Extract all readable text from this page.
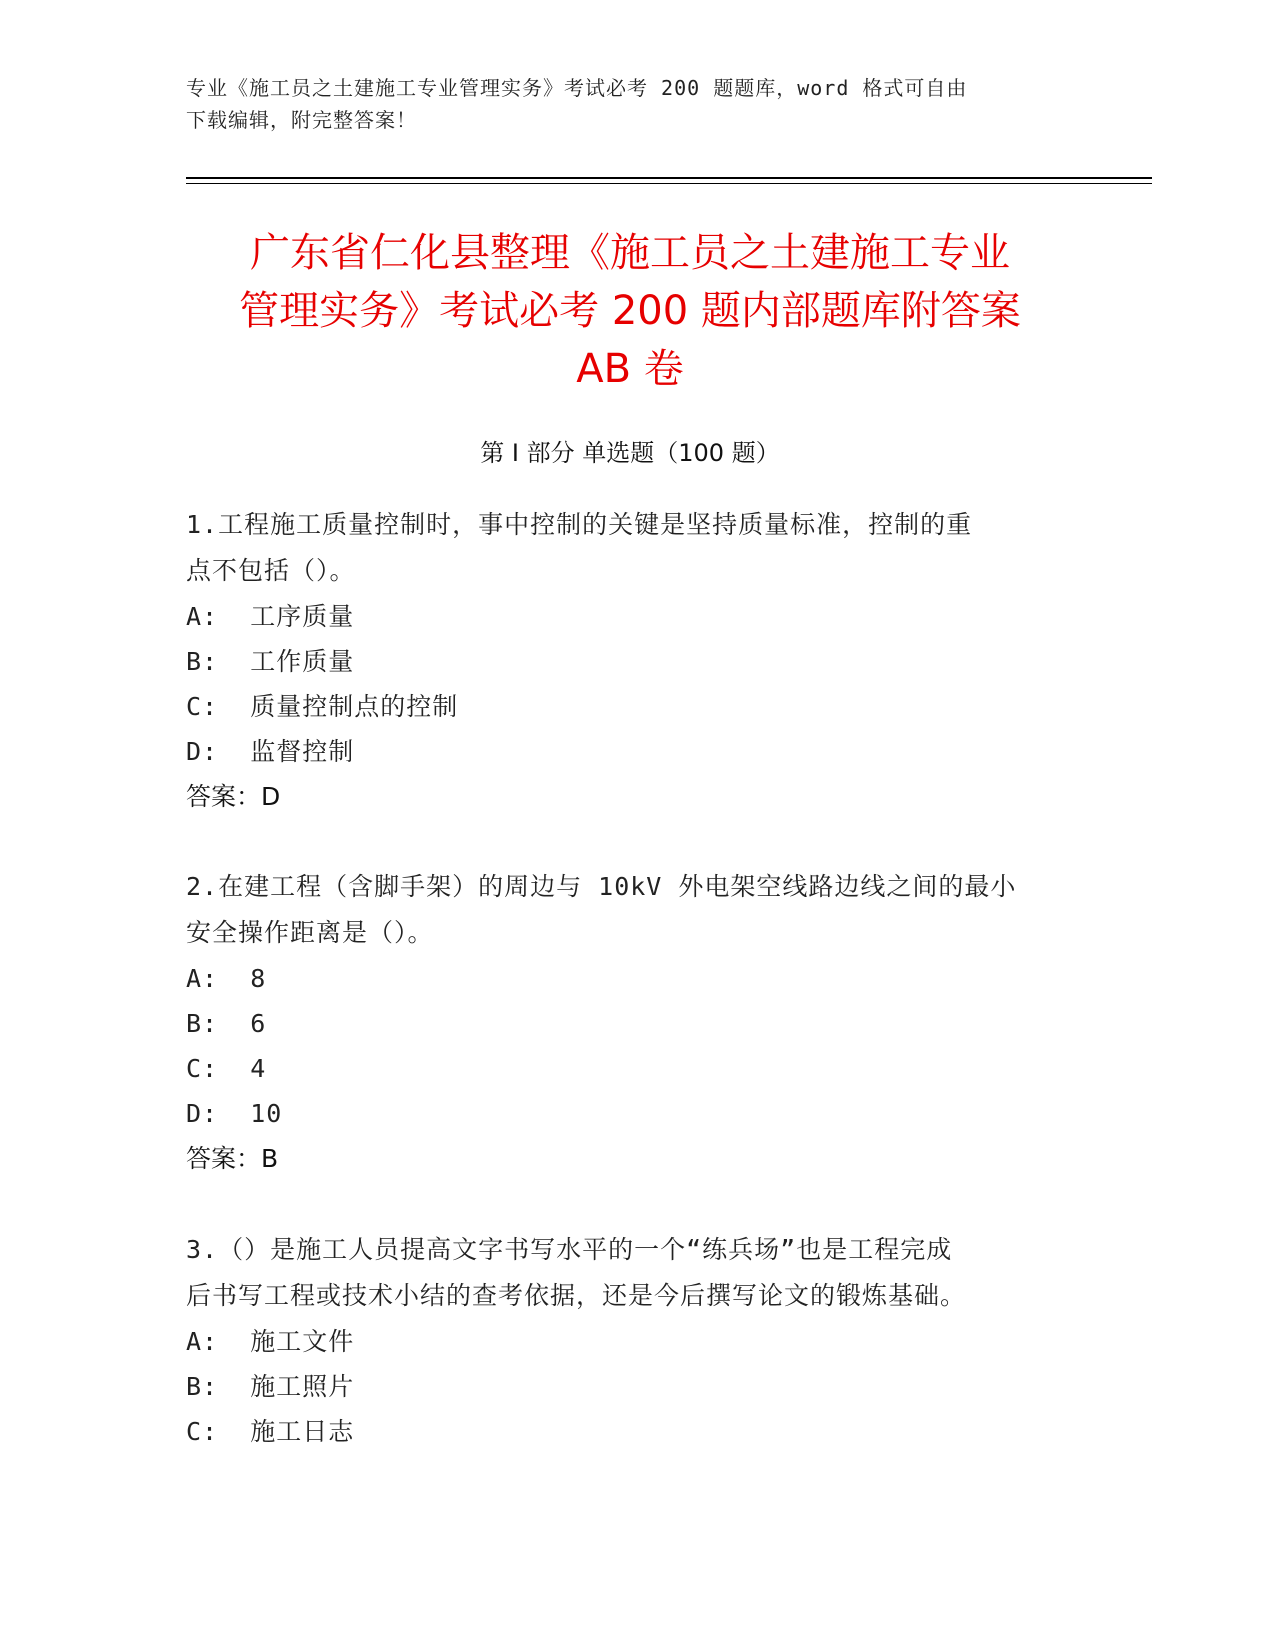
专业《施工员之土建施工专业管理实务》考试必考 200 题题库，word 格式可自由
下载编辑，附完整答案！
广东省仁化县整理《施工员之土建施工专业
管理实务》考试必考 200 题内部题库附答案
AB 卷
第 I 部分 单选题（100 题）

1.工程施工质量控制时，事中控制的关键是坚持质量标准，控制的重

点不包括（）。

A:  工序质量

B:  工作质量

C:  质量控制点的控制

D:  监督控制

答案：D

2.在建工程（含脚手架）的周边与 10kV 外电架空线路边线之间的最小

安全操作距离是（）。

A:  8

B:  6

C:  4

D:  10

答案：B

3.（）是施工人员提高文字书写水平的一个“练兵场”也是工程完成

后书写工程或技术小结的查考依据，还是今后撰写论文的锻炼基础。

A:  施工文件

B:  施工照片

C:  施工日志
